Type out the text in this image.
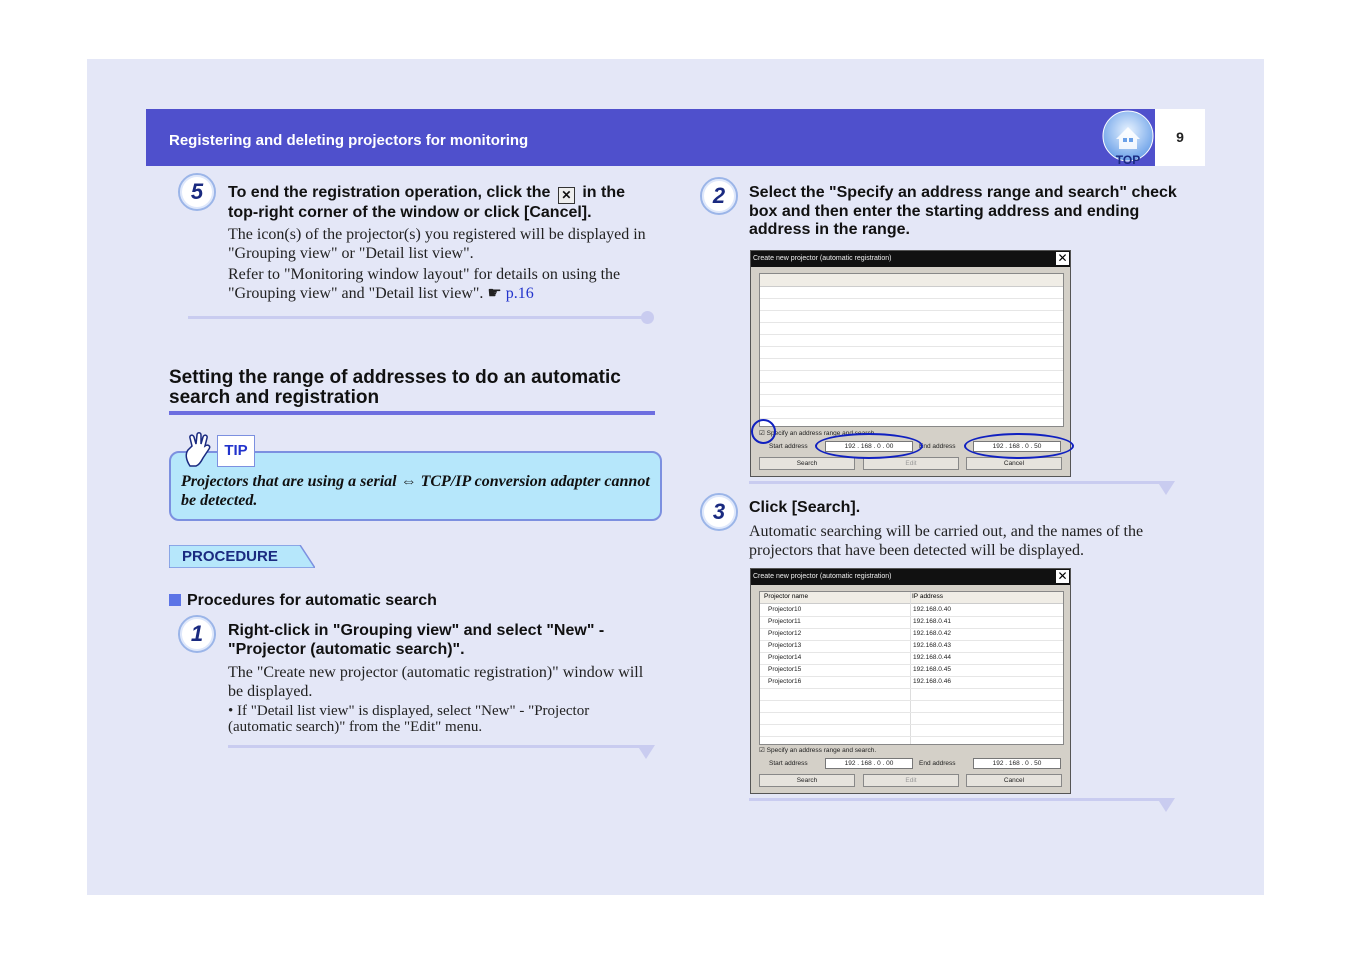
Registering and deleting projectors for monitoring
TOP
9
5	To end the registration operation, click the ✕ in the top-right corner of the window or click [Cancel].
The icon(s) of the projector(s) you registered will be displayed in "Grouping view" or "Detail list view".
Refer to "Monitoring window layout" for details on using the "Grouping view" and "Detail list view". ☛ p.16
Setting the range of addresses to do an automatic search and registration
Projectors that are using a serial ⇔ TCP/IP conversion adapter cannot be detected.
TIP
PROCEDURE
Procedures for automatic search
1	Right-click in "Grouping view" and select "New" - "Projector (automatic search)".
The "Create new projector (automatic registration)" window will be displayed.
• If "Detail list view" is displayed, select "New" - "Projector (automatic search)" from the "Edit" menu.
2	Select the "Specify an address range and search" check box and then enter the starting address and ending address in the range.
Create new projector (automatic registration)	✕
☑ Specify an address range and search.
Start address	192 . 168 . 0 . 00	End address	192 . 168 . 0 . 50
Search	Edit	Cancel
3	Click [Search].
Automatic searching will be carried out, and the names of the projectors that have been detected will be displayed.
Create new projector (automatic registration)	✕
Projector name	IP address
Projector10	192.168.0.40
Projector11	192.168.0.41
Projector12	192.168.0.42
Projector13	192.168.0.43
Projector14	192.168.0.44
Projector15	192.168.0.45
Projector16	192.168.0.46
☑ Specify an address range and search.
Start address	192 . 168 . 0 . 00	End address	192 . 168 . 0 . 50
Search	Edit	Cancel
